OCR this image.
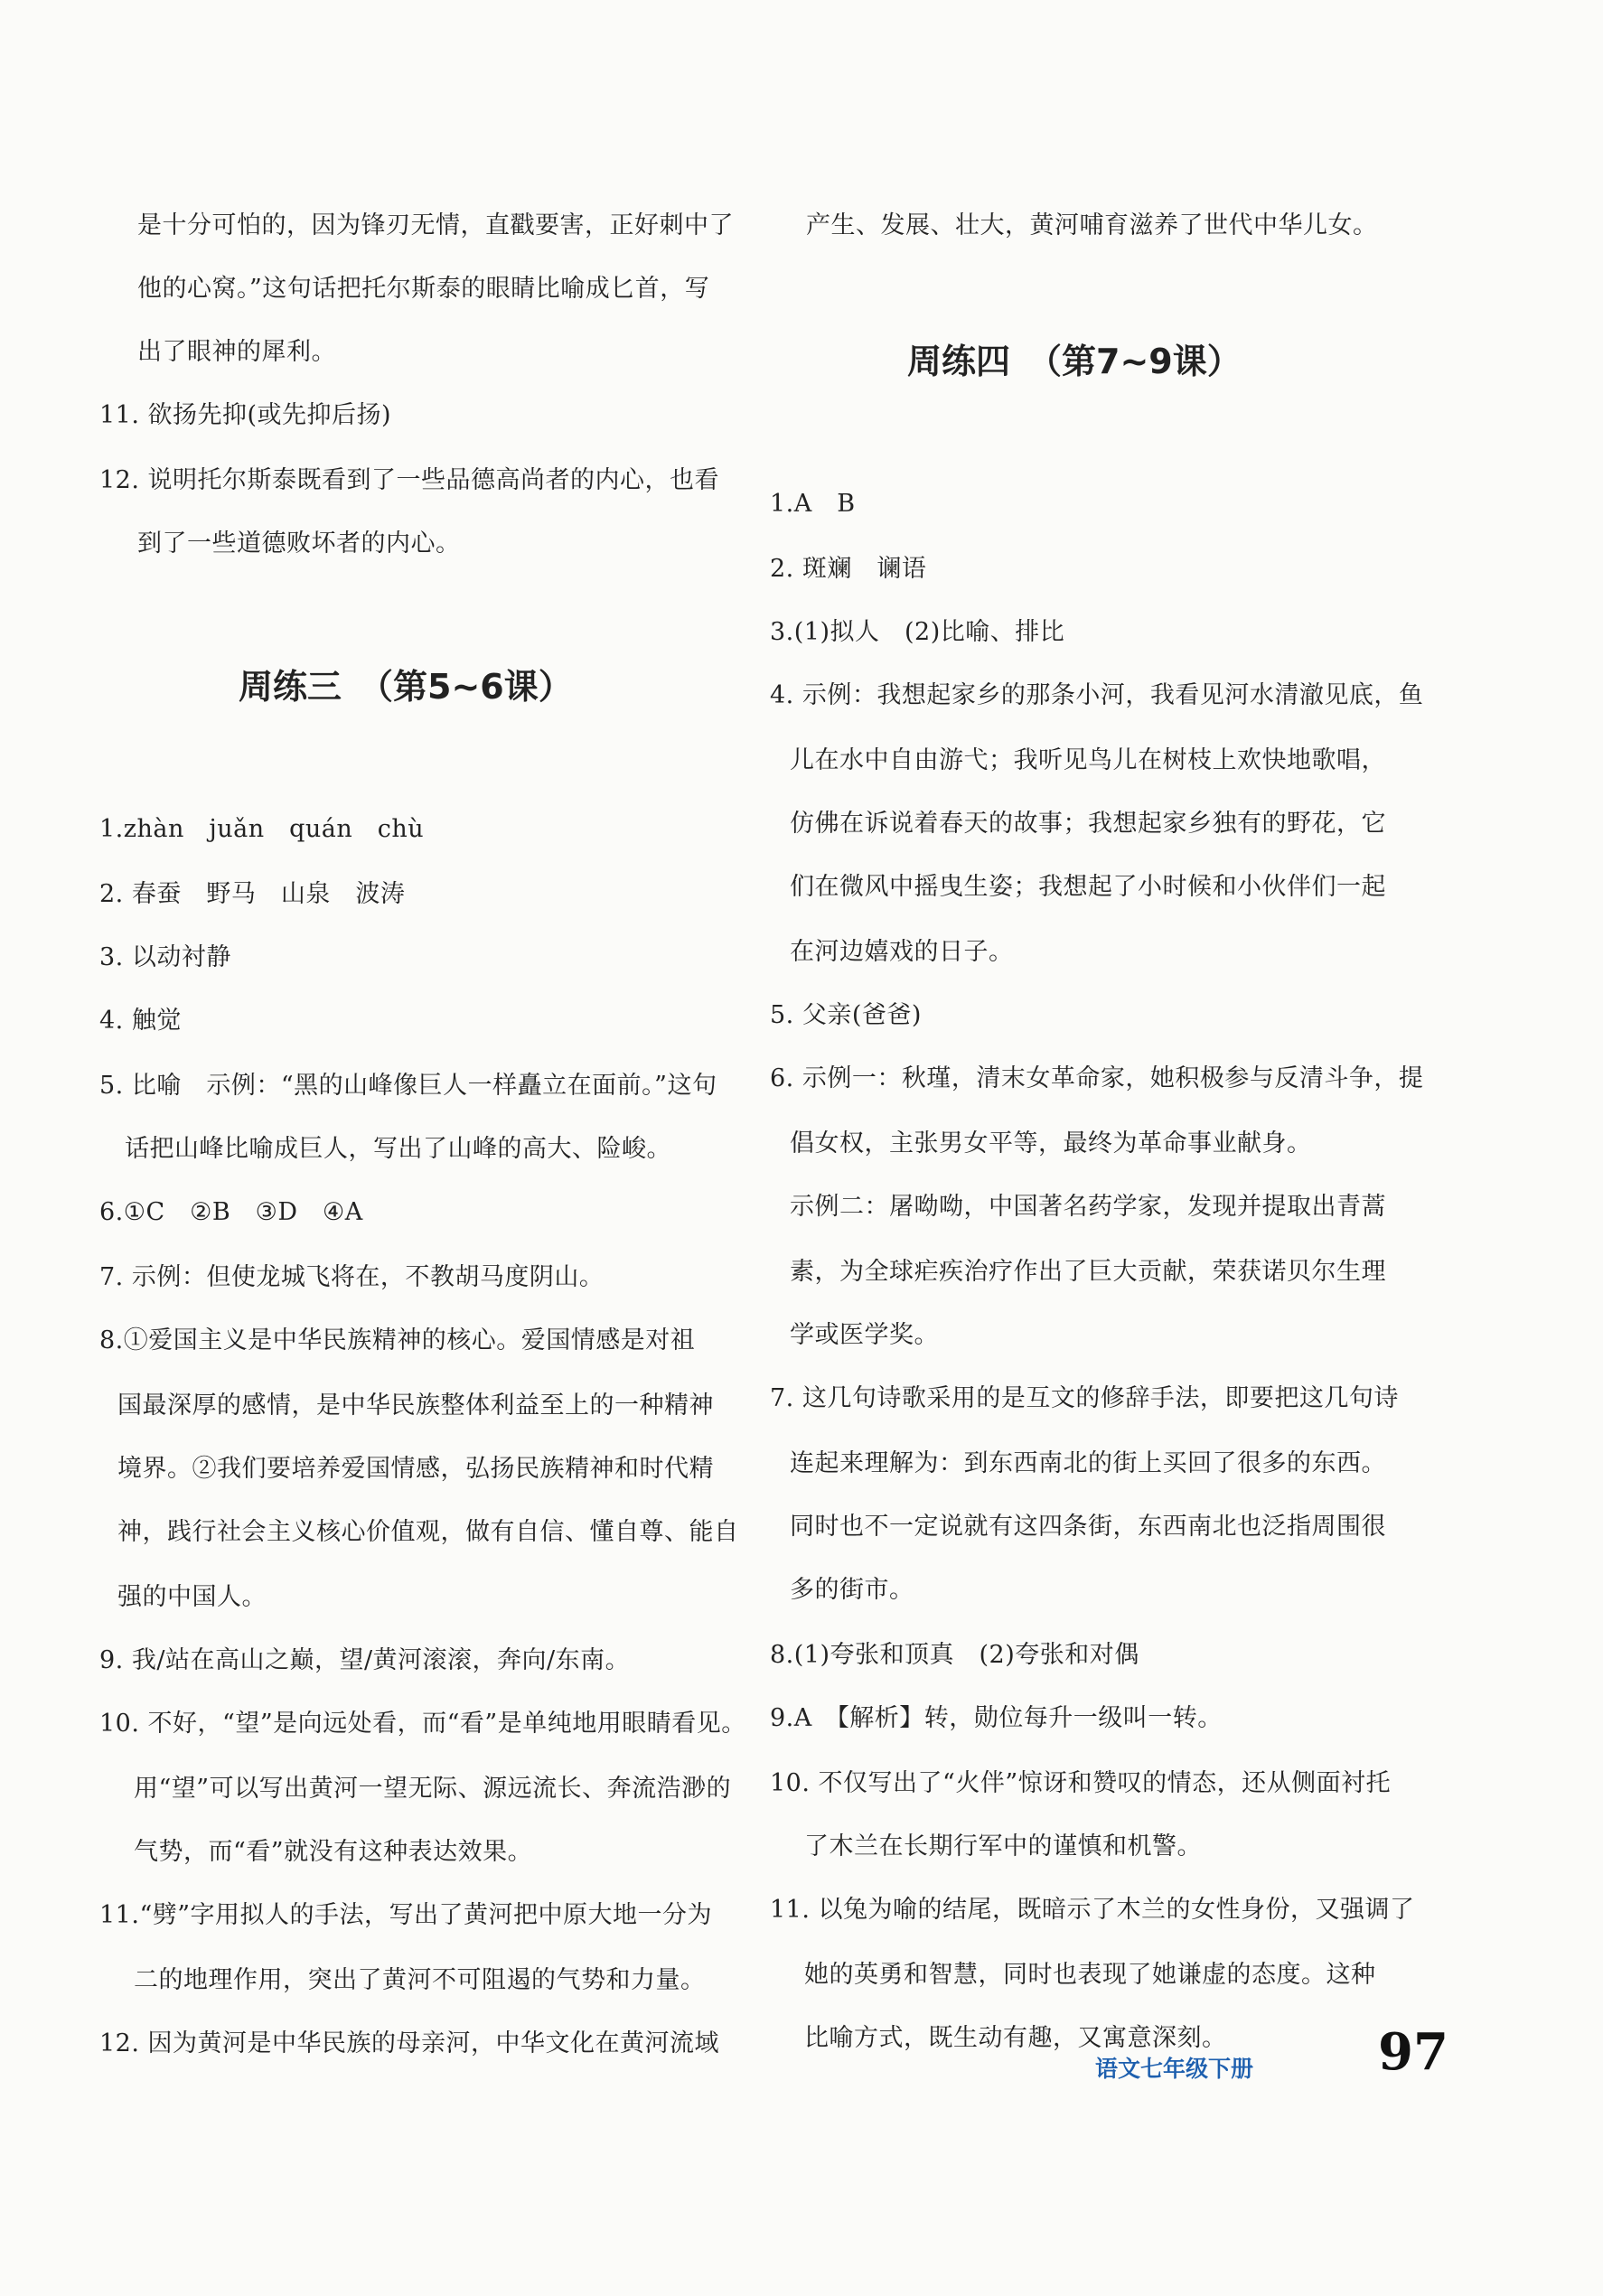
是十分可怕的，因为锋刃无情，直戳要害，正好刺中了
他的心窝。”这句话把托尔斯泰的眼睛比喻成匕首，写
出了眼神的犀利。
11. 欲扬先抑(或先抑后扬)
12. 说明托尔斯泰既看到了一些品德高尚者的内心，也看
到了一些道德败坏者的内心。
周练三　（第5~6课）
1.zhàn　juǎn　quán　chù
2. 春蚕　野马　山泉　波涛
3. 以动衬静
4. 触觉
5. 比喻　示例：“黑的山峰像巨人一样矗立在面前。”这句
话把山峰比喻成巨人，写出了山峰的高大、险峻。
6.①C　②B　③D　④A
7. 示例：但使龙城飞将在，不教胡马度阴山。
8.①爱国主义是中华民族精神的核心。爱国情感是对祖
国最深厚的感情，是中华民族整体利益至上的一种精神
境界。②我们要培养爱国情感，弘扬民族精神和时代精
神，践行社会主义核心价值观，做有自信、懂自尊、能自
强的中国人。
9. 我/站在高山之巅，望/黄河滚滚，奔向/东南。
10. 不好，“望”是向远处看，而“看”是单纯地用眼睛看见。
用“望”可以写出黄河一望无际、源远流长、奔流浩渺的
气势，而“看”就没有这种表达效果。
11.“劈”字用拟人的手法，写出了黄河把中原大地一分为
二的地理作用，突出了黄河不可阻遏的气势和力量。
12. 因为黄河是中华民族的母亲河，中华文化在黄河流域
产生、发展、壮大，黄河哺育滋养了世代中华儿女。
周练四　（第7~9课）
1.A　B
2. 斑斓　谰语
3.(1)拟人　(2)比喻、排比
4. 示例：我想起家乡的那条小河，我看见河水清澈见底，鱼
儿在水中自由游弋；我听见鸟儿在树枝上欢快地歌唱，
仿佛在诉说着春天的故事；我想起家乡独有的野花，它
们在微风中摇曳生姿；我想起了小时候和小伙伴们一起
在河边嬉戏的日子。
5. 父亲(爸爸)
6. 示例一：秋瑾，清末女革命家，她积极参与反清斗争，提
倡女权，主张男女平等，最终为革命事业献身。
示例二：屠呦呦，中国著名药学家，发现并提取出青蒿
素，为全球疟疾治疗作出了巨大贡献，荣获诺贝尔生理
学或医学奖。
7. 这几句诗歌采用的是互文的修辞手法，即要把这几句诗
连起来理解为：到东西南北的街上买回了很多的东西。
同时也不一定说就有这四条街，东西南北也泛指周围很
多的街市。
8.(1)夸张和顶真　(2)夸张和对偶
9.A　【解析】转，勋位每升一级叫一转。
10. 不仅写出了“火伴”惊讶和赞叹的情态，还从侧面衬托
了木兰在长期行军中的谨慎和机警。
11. 以兔为喻的结尾，既暗示了木兰的女性身份，又强调了
她的英勇和智慧，同时也表现了她谦虚的态度。这种
比喻方式，既生动有趣，又寓意深刻。
语文七年级下册 97
